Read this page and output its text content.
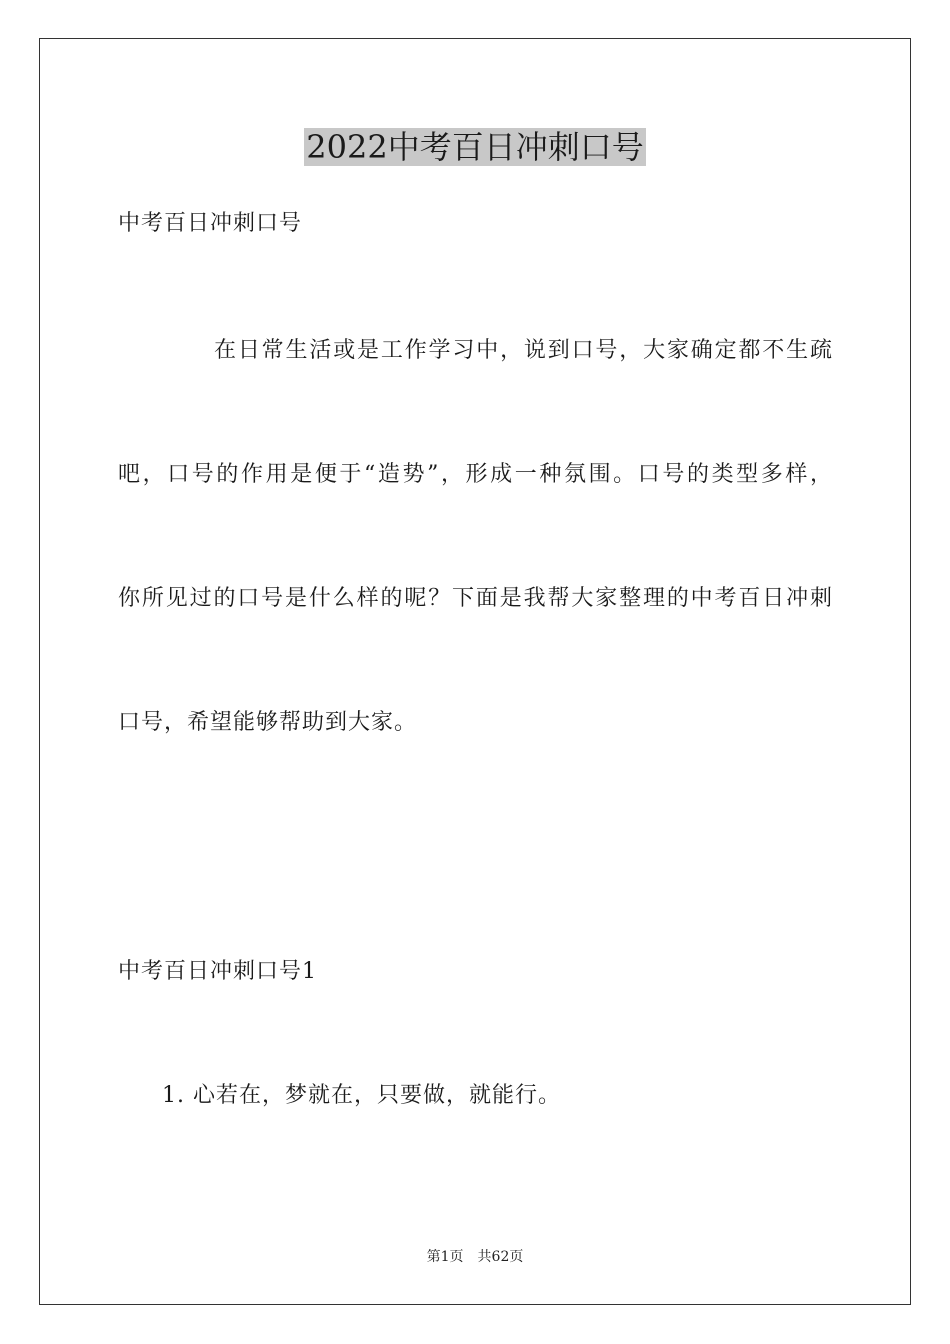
2022中考百日冲刺口号
中考百日冲刺口号
在日常生活或是工作学习中，说到口号，大家确定都不生疏
吧，口号的作用是便于“造势”，形成一种氛围。口号的类型多样，
你所见过的口号是什么样的呢？下面是我帮大家整理的中考百日冲刺
口号，希望能够帮助到大家。
中考百日冲刺口号1
1. 心若在，梦就在，只要做，就能行。
第1页 共62页
